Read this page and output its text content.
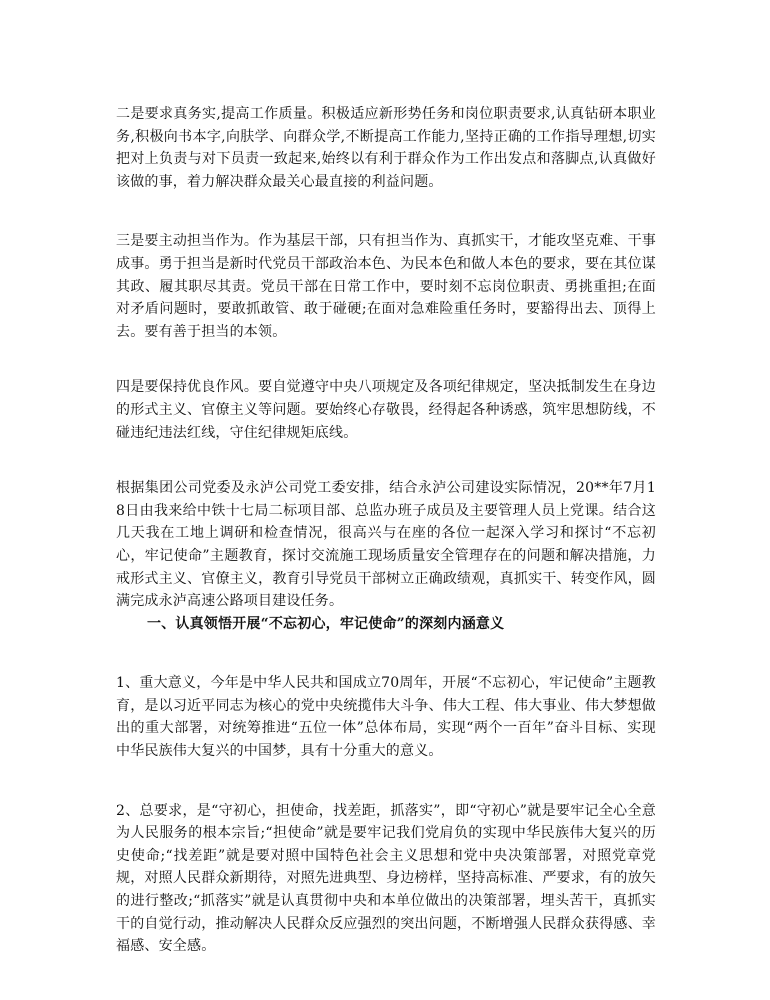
二是要求真务实,提高工作质量。积极适应新形势任务和岗位职责要求,认真钻研本职业务,积极向书本字,向肤学、向群众学,不断提高工作能力,坚持正确的工作指导理想,切实把对上负责与对下员责一致起来,始终以有利于群众作为工作出发点和落脚点,认真做好该做的事，着力解决群众最关心最直接的利益问题。

三是要主动担当作为。作为基层干部，只有担当作为、真抓实干，才能攻坚克难、干事成事。勇于担当是新时代党员干部政治本色、为民本色和做人本色的要求，要在其位谋其政、履其职尽其责。党员干部在日常工作中，要时刻不忘岗位职责、勇挑重担;在面对矛盾问题时，要敢抓敢管、敢于碰硬;在面对急难险重任务时，要豁得出去、顶得上去。要有善于担当的本领。

四是要保持优良作风。要自觉遵守中央八项规定及各项纪律规定，坚决抵制发生在身边的形式主义、官僚主义等问题。要始终心存敬畏，经得起各种诱惑，筑牢思想防线，不碰违纪违法红线，守住纪律规矩底线。

根据集团公司党委及永泸公司党工委安排，结合永泸公司建设实际情况，20**年7月18日由我来给中铁十七局二标项目部、总监办班子成员及主要管理人员上党课。结合这几天我在工地上调研和检查情况，很高兴与在座的各位一起深入学习和探讨“不忘初心，牢记使命”主题教育，探讨交流施工现场质量安全管理存在的问题和解决措施，力戒形式主义、官僚主义，教育引导党员干部树立正确政绩观，真抓实干、转变作风，圆满完成永泸高速公路项目建设任务。

一、认真领悟开展“不忘初心，牢记使命”的深刻内涵意义

1、重大意义，今年是中华人民共和国成立70周年，开展“不忘初心，牢记使命”主题教育，是以习近平同志为核心的党中央统揽伟大斗争、伟大工程、伟大事业、伟大梦想做出的重大部署，对统筹推进“五位一体”总体布局，实现“两个一百年”奋斗目标、实现中华民族伟大复兴的中国梦，具有十分重大的意义。

2、总要求，是“守初心，担使命，找差距，抓落实”，即“守初心”就是要牢记全心全意为人民服务的根本宗旨;“担使命”就是要牢记我们党肩负的实现中华民族伟大复兴的历史使命;“找差距”就是要对照中国特色社会主义思想和党中央决策部署，对照党章党规，对照人民群众新期待，对照先进典型、身边榜样，坚持高标准、严要求，有的放矢的进行整改;“抓落实”就是认真贯彻中央和本单位做出的决策部署，埋头苦干，真抓实干的自觉行动，推动解决人民群众反应强烈的突出问题，不断增强人民群众获得感、幸福感、安全感。
